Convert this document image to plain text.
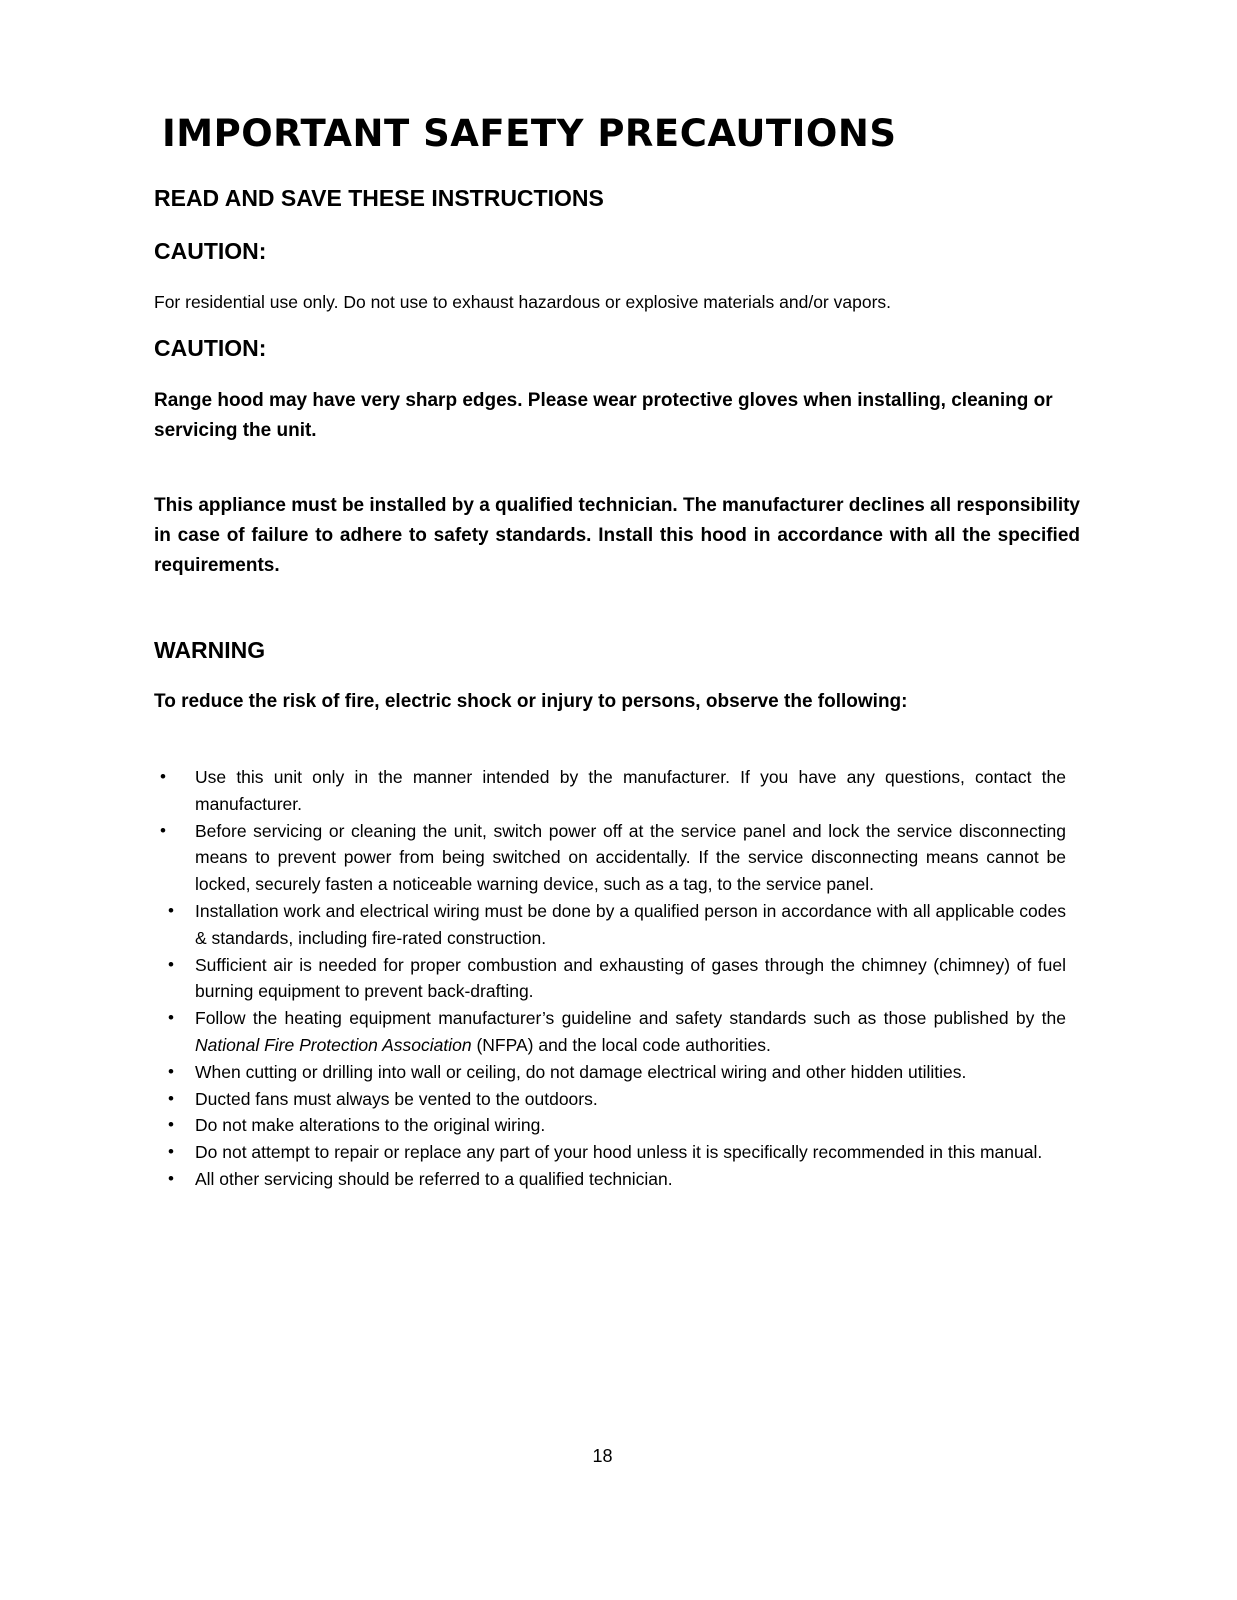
IMPORTANT SAFETY PRECAUTIONS
READ AND SAVE THESE INSTRUCTIONS
CAUTION:

For residential use only. Do not use to exhaust hazardous or explosive materials and/or vapors.

CAUTION:

Range hood may have very sharp edges. Please wear protective gloves when installing, cleaning or servicing the unit.

This appliance must be installed by a qualified technician. The manufacturer declines all responsibility in case of failure to adhere to safety standards. Install this hood in accordance with all the specified requirements.

WARNING

To reduce the risk of fire, electric shock or injury to persons, observe the following:

• Use this unit only in the manner intended by the manufacturer. If you have any questions, contact the manufacturer.
• Before servicing or cleaning the unit, switch power off at the service panel and lock the service disconnecting means to prevent power from being switched on accidentally. If the service disconnecting means cannot be locked, securely fasten a noticeable warning device, such as a tag, to the service panel.
• Installation work and electrical wiring must be done by a qualified person in accordance with all applicable codes & standards, including fire-rated construction.
• Sufficient air is needed for proper combustion and exhausting of gases through the chimney (chimney) of fuel burning equipment to prevent back-drafting.
• Follow the heating equipment manufacturer’s guideline and safety standards such as those published by the National Fire Protection Association (NFPA) and the local code authorities.
• When cutting or drilling into wall or ceiling, do not damage electrical wiring and other hidden utilities.
• Ducted fans must always be vented to the outdoors.
• Do not make alterations to the original wiring.
• Do not attempt to repair or replace any part of your hood unless it is specifically recommended in this manual.
• All other servicing should be referred to a qualified technician.
18
